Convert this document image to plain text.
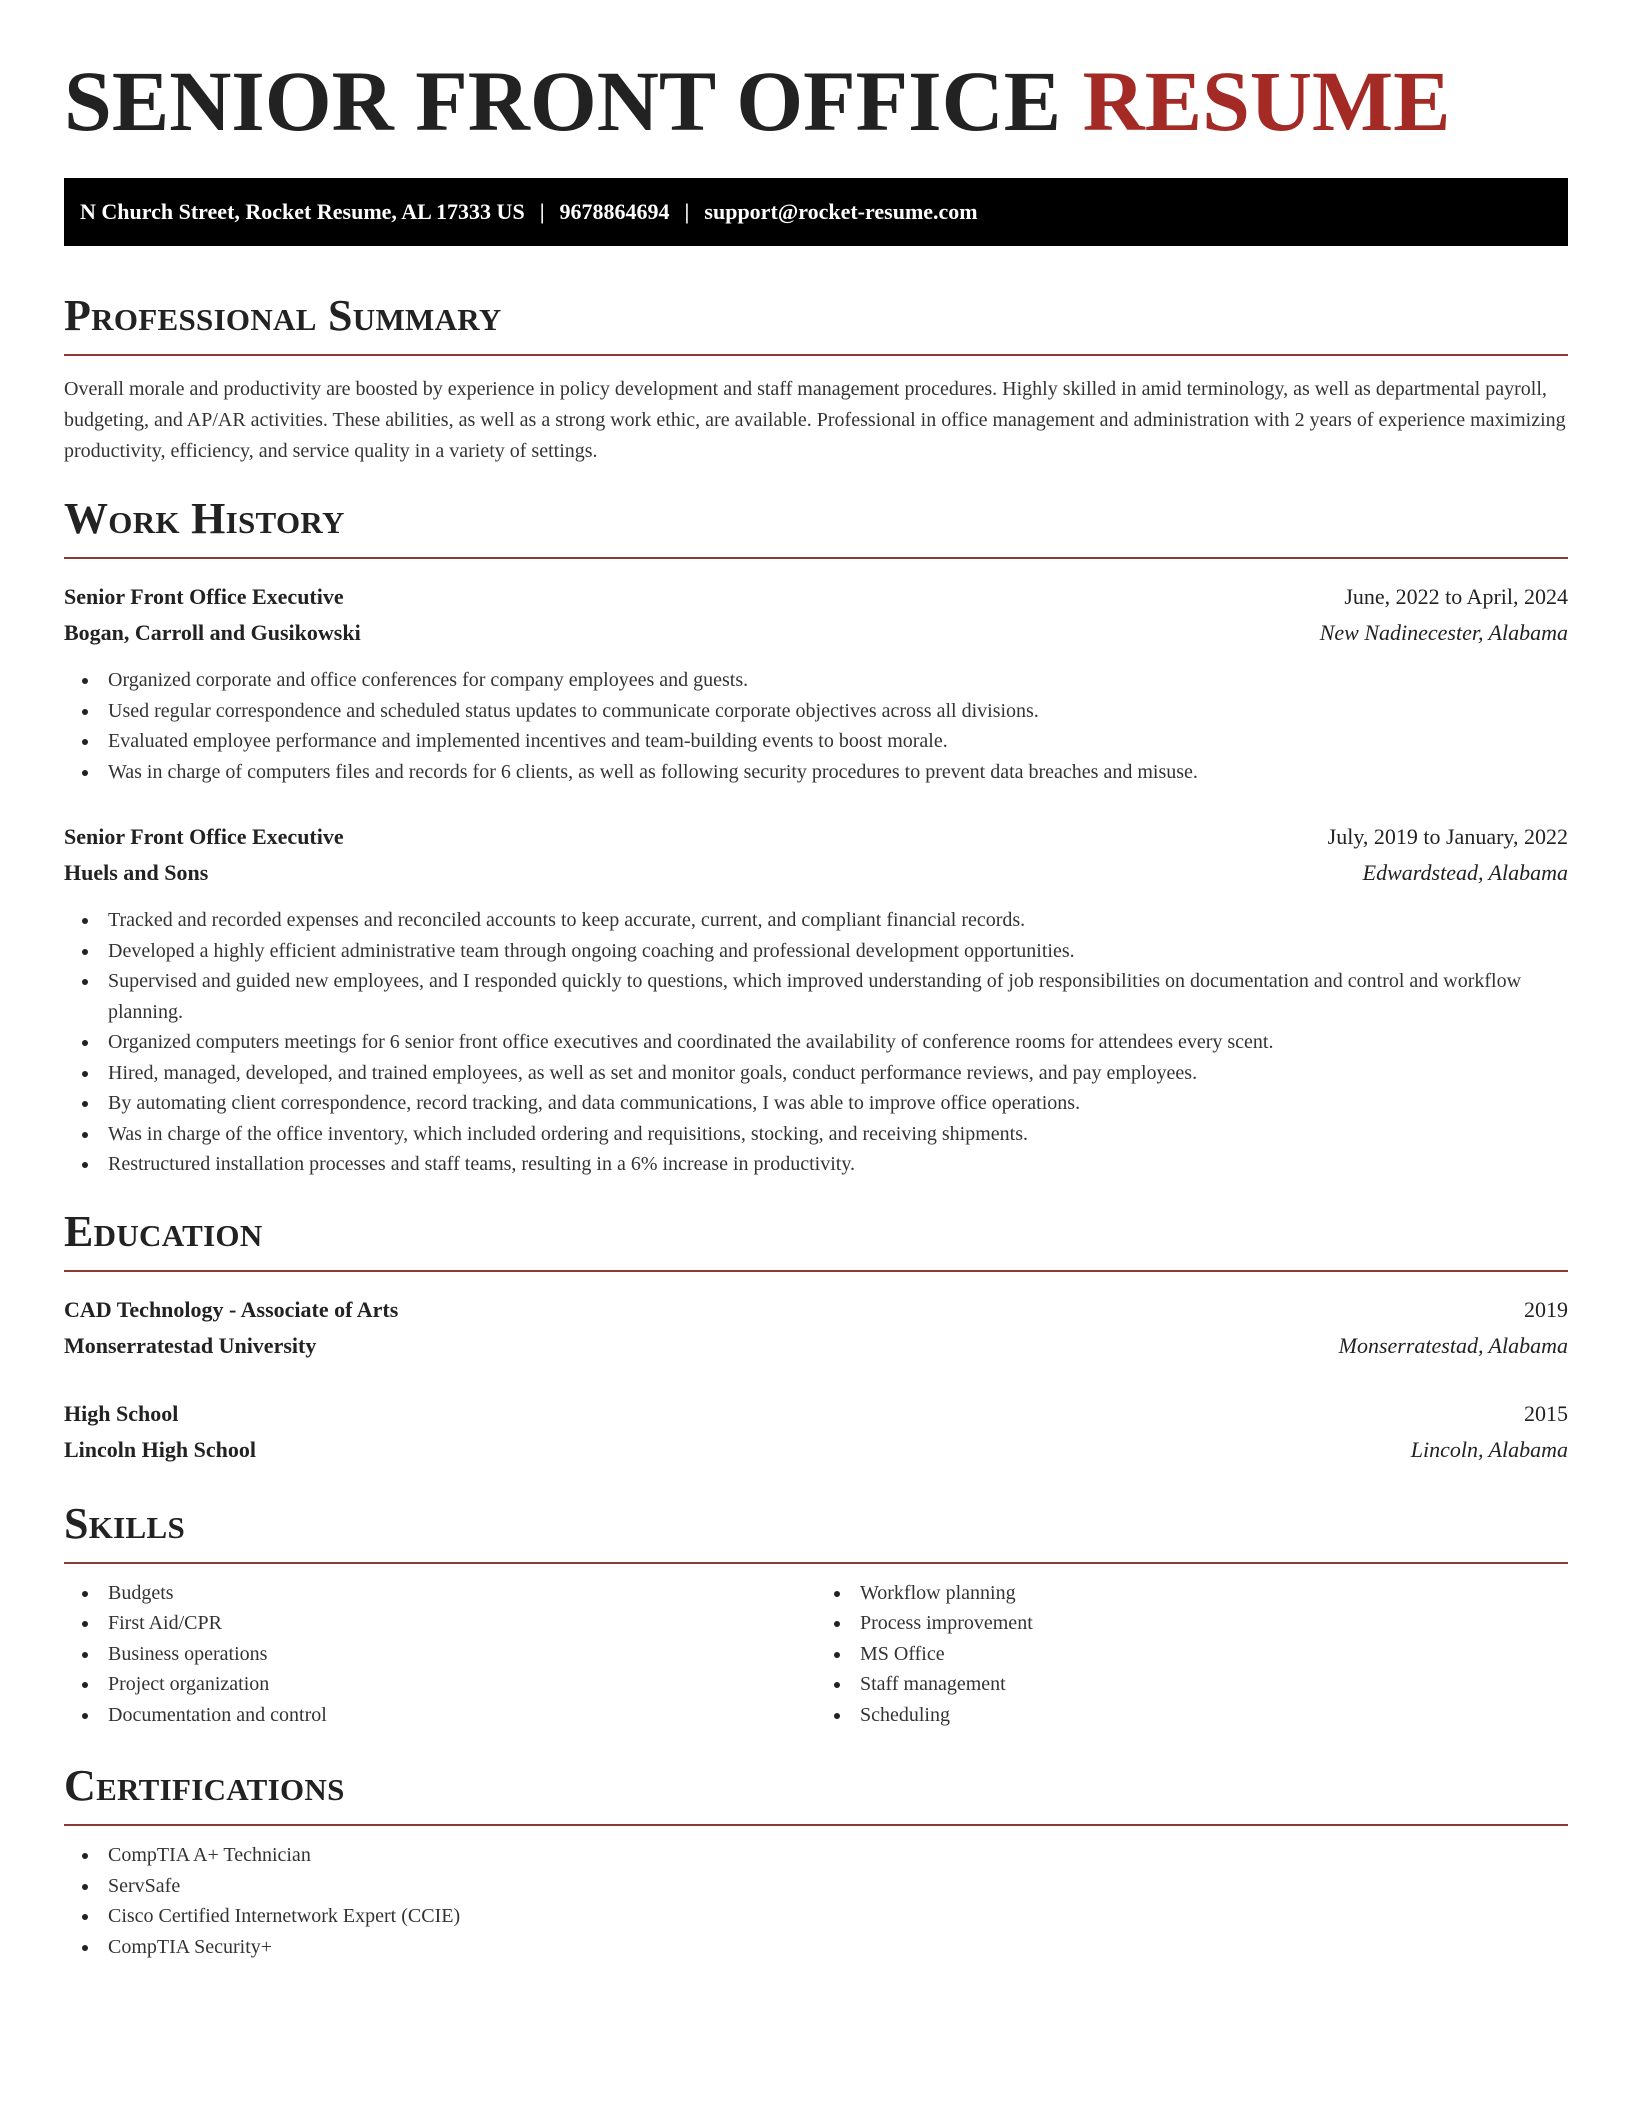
SENIOR FRONT OFFICE RESUME
N Church Street, Rocket Resume, AL 17333 US | 9678864694 | support@rocket-resume.com
Professional Summary

Overall morale and productivity are boosted by experience in policy development and staff management procedures. Highly skilled in amid terminology, as well as departmental payroll, budgeting, and AP/AR activities. These abilities, as well as a strong work ethic, are available. Professional in office management and administration with 2 years of experience maximizing productivity, efficiency, and service quality in a variety of settings.

Work History
Senior Front Office Executive	June, 2022 to April, 2024
Bogan, Carroll and Gusikowski	New Nadinecester, Alabama
Organized corporate and office conferences for company employees and guests.
Used regular correspondence and scheduled status updates to communicate corporate objectives across all divisions.
Evaluated employee performance and implemented incentives and team-building events to boost morale.
Was in charge of computers files and records for 6 clients, as well as following security procedures to prevent data breaches and misuse.
Senior Front Office Executive	July, 2019 to January, 2022
Huels and Sons	Edwardstead, Alabama
Tracked and recorded expenses and reconciled accounts to keep accurate, current, and compliant financial records.
Developed a highly efficient administrative team through ongoing coaching and professional development opportunities.
Supervised and guided new employees, and I responded quickly to questions, which improved understanding of job responsibilities on documentation and control and workflow planning.
Organized computers meetings for 6 senior front office executives and coordinated the availability of conference rooms for attendees every scent.
Hired, managed, developed, and trained employees, as well as set and monitor goals, conduct performance reviews, and pay employees.
By automating client correspondence, record tracking, and data communications, I was able to improve office operations.
Was in charge of the office inventory, which included ordering and requisitions, stocking, and receiving shipments.
Restructured installation processes and staff teams, resulting in a 6% increase in productivity.
Education
CAD Technology - Associate of Arts	2019
Monserratestad University	Monserratestad, Alabama
High School	2015
Lincoln High School	Lincoln, Alabama
Skills
Budgets
First Aid/CPR
Business operations
Project organization
Documentation and control
Workflow planning
Process improvement
MS Office
Staff management
Scheduling
Certifications
CompTIA A+ Technician
ServSafe
Cisco Certified Internetwork Expert (CCIE)
CompTIA Security+
